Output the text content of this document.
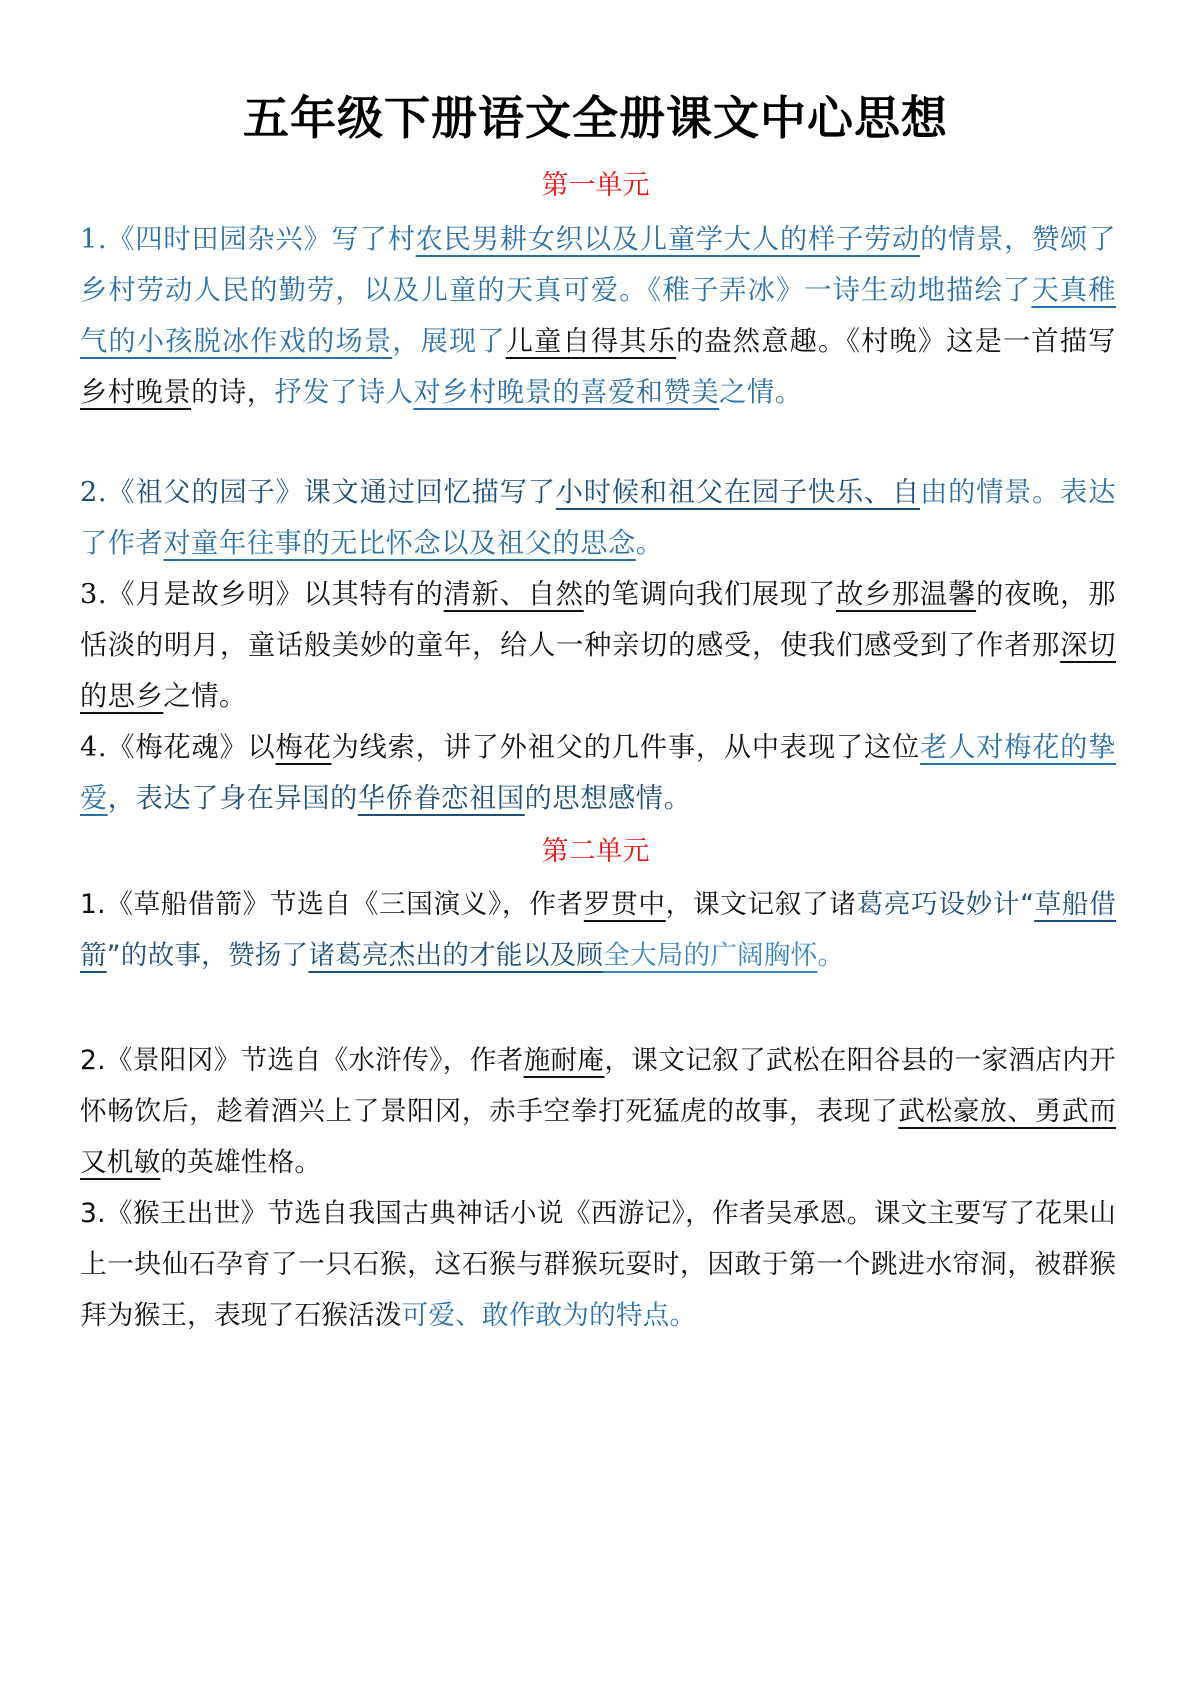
五年级下册语文全册课文中心思想
第一单元
1.《四时田园杂兴》写了村农民男耕女织以及儿童学大人的样子劳动的情景，赞颂了乡村劳动人民的勤劳，以及儿童的天真可爱。《稚子弄冰》一诗生动地描绘了天真稚气的小孩脱冰作戏的场景，展现了儿童自得其乐的盎然意趣。《村晚》这是一首描写乡村晚景的诗，抒发了诗人对乡村晚景的喜爱和赞美之情。
2.《祖父的园子》课文通过回忆描写了小时候和祖父在园子快乐、自由的情景。表达了作者对童年往事的无比怀念以及祖父的思念。
3.《月是故乡明》以其特有的清新、自然的笔调向我们展现了故乡那温馨的夜晚，那恬淡的明月，童话般美妙的童年，给人一种亲切的感受，使我们感受到了作者那深切的思乡之情。
4.《梅花魂》以梅花为线索，讲了外祖父的几件事，从中表现了这位老人对梅花的挚爱，表达了身在异国的华侨眷恋祖国的思想感情。
第二单元
1.《草船借箭》节选自《三国演义》，作者罗贯中，课文记叙了诸葛亮巧设妙计“草船借箭”的故事，赞扬了诸葛亮杰出的才能以及顾全大局的广阔胸怀。
2.《景阳冈》节选自《水浒传》，作者施耐庵，课文记叙了武松在阳谷县的一家酒店内开怀畅饮后，趁着酒兴上了景阳冈，赤手空拳打死猛虎的故事，表现了武松豪放、勇武而又机敏的英雄性格。
3.《猴王出世》节选自我国古典神话小说《西游记》，作者吴承恩。课文主要写了花果山上一块仙石孕育了一只石猴，这石猴与群猴玩耍时，因敢于第一个跳进水帘洞，被群猴拜为猴王，表现了石猴活泼可爱、敢作敢为的特点。
